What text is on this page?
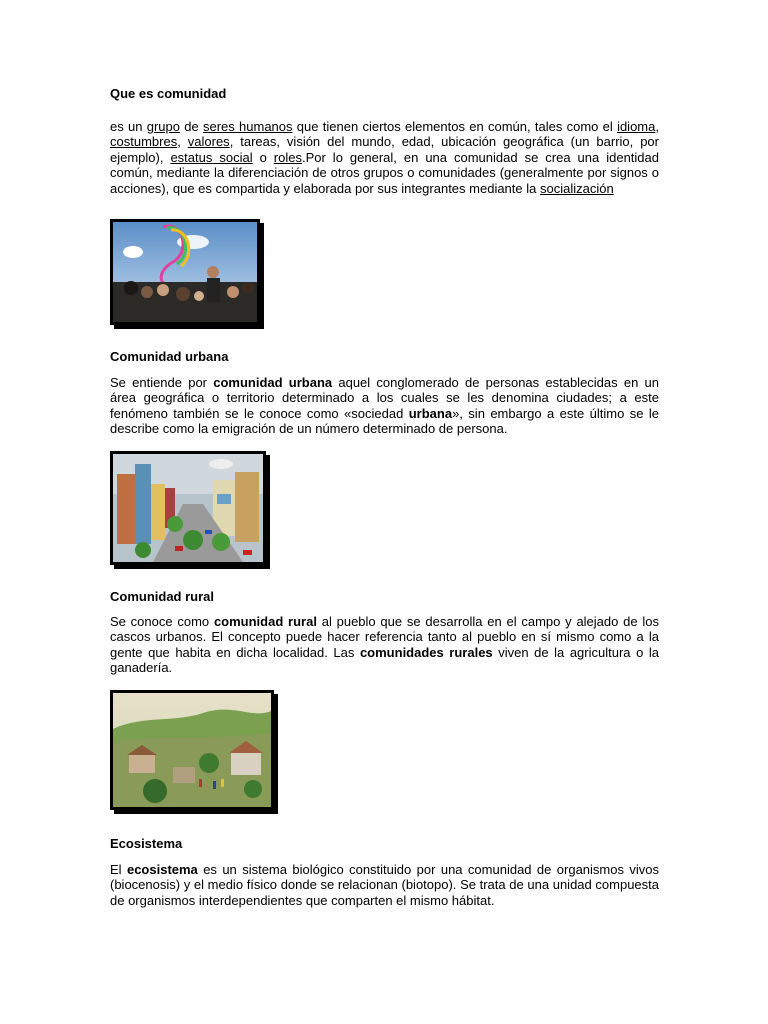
Que es comunidad

es un grupo de seres humanos que tienen ciertos elementos en común, tales como el idioma, costumbres, valores, tareas, visión del mundo, edad, ubicación geográfica (un barrio, por ejemplo), estatus social o roles.Por lo general, en una comunidad se crea una identidad común, mediante la diferenciación de otros grupos o comunidades (generalmente por signos o acciones), que es compartida y elaborada por sus integrantes mediante la socialización

Comunidad urbana

Se entiende por comunidad urbana aquel conglomerado de personas establecidas en un área geográfica o territorio determinado a los cuales se les denomina ciudades; a este fenómeno también se le conoce como «sociedad urbana», sin embargo a este último se le describe como la emigración de un número determinado de persona.

Comunidad rural

Se conoce como comunidad rural al pueblo que se desarrolla en el campo y alejado de los cascos urbanos. El concepto puede hacer referencia tanto al pueblo en sí mismo como a la gente que habita en dicha localidad. Las comunidades rurales viven de la agricultura o la ganadería.

Ecosistema

El ecosistema es un sistema biológico constituido por una comunidad de organismos vivos (biocenosis) y el medio físico donde se relacionan (biotopo). Se trata de una unidad compuesta de organismos interdependientes que comparten el mismo hábitat.
